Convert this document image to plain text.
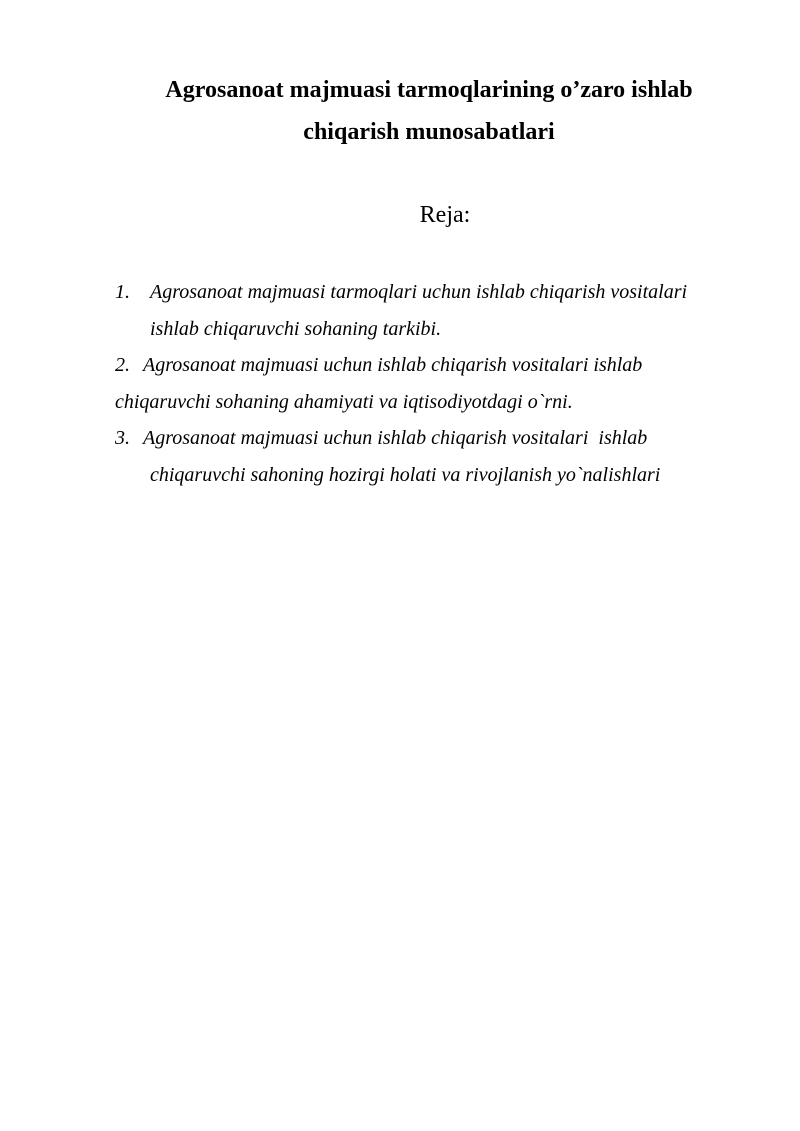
Agrosanoat majmuasi tarmoqlarining o’zaro ishlab
chiqarish munosabatlari
Reja:
1. Agrosanoat majmuasi tarmoqlari uchun ishlab chiqarish vositalari
ishlab chiqaruvchi sohaning tarkibi.
2. Agrosanoat majmuasi uchun ishlab chiqarish vositalari ishlab
chiqaruvchi sohaning ahamiyati va iqtisodiyotdagi o`rni.
3. Agrosanoat majmuasi uchun ishlab chiqarish vositalari  ishlab
chiqaruvchi sahoning hozirgi holati va rivojlanish yo`nalishlari
